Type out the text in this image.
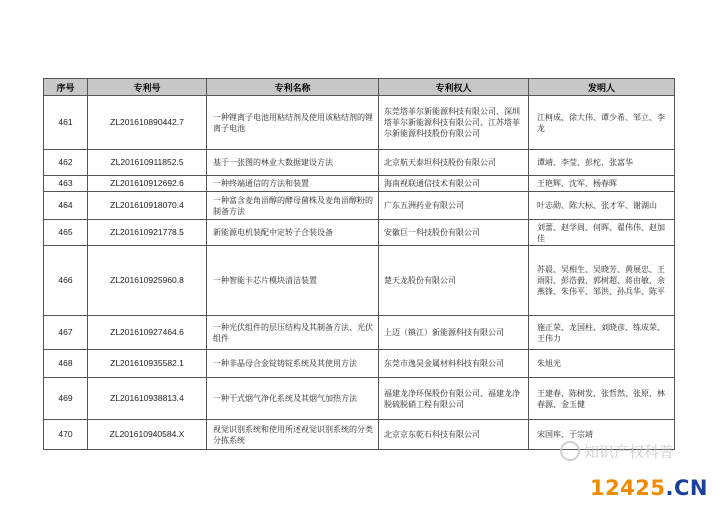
序号	专利号	专利名称	专利权人	发明人
461	ZL201610890442.7	一种锂离子电池用粘结剂及使用该粘结剂的锂离子电池	东莞塔菲尔新能源科技有限公司、深圳塔菲尔新能源科技有限公司、江苏塔菲尔新能源科技股份有限公司	江柯成、徐大伟、谭少希、邹立、李龙
462	ZL201610911852.5	基于一张图的林业大数据建设方法	北京航天泰坦科技股份有限公司	谭靖、李莹、彭柁、张富华
463	ZL201610912692.6	一种终端通信的方法和装置	海南视联通信技术有限公司	王艳辉、沈军、杨春晖
464	ZL201610918070.4	一种富含麦角甾醇的酵母菌株及麦角甾醇粉的制备方法	广东五洲药业有限公司	叶志勋、陈大标、张才军、谢湖山
465	ZL201610921778.5	新能源电机装配中定转子合装设备	安徽巨一科技股份有限公司	刘蕾、赵学周、何晖、翟伟伟、赵加佳
466	ZL201610925960.8	一种智能卡芯片模块清洁装置	楚天龙股份有限公司	苏晨、吴相生、吴晓芳、黄展忠、王雨阳、彭浩毅、郭树超、蒋由敏、余燕锋、朱伟平、邹洪、孙兵华、陈平
467	ZL201610927464.6	一种光伏组件的层压结构及其制备方法、光伏组件	上迈（镇江）新能源科技有限公司	施正荣、龙国柱、刘晓彦、练成荣、王伟力
468	ZL201610935582.1	一种非晶母合金锭铸锭系统及其使用方法	东莞市逸昊金属材料科技有限公司	朱旭光
469	ZL201610938813.4	一种干式烟气净化系统及其烟气加热方法	福建龙净环保股份有限公司、福建龙净脱硫脱硝工程有限公司	王建春、陈树发、张哲然、张原、林春源、金玉健
470	ZL201610940584.X	视觉识别系统和使用所述视觉识别系统的分类分拣系统	北京京东乾石科技有限公司	宋国库、于宗靖
知识产权科普
12425.CN
